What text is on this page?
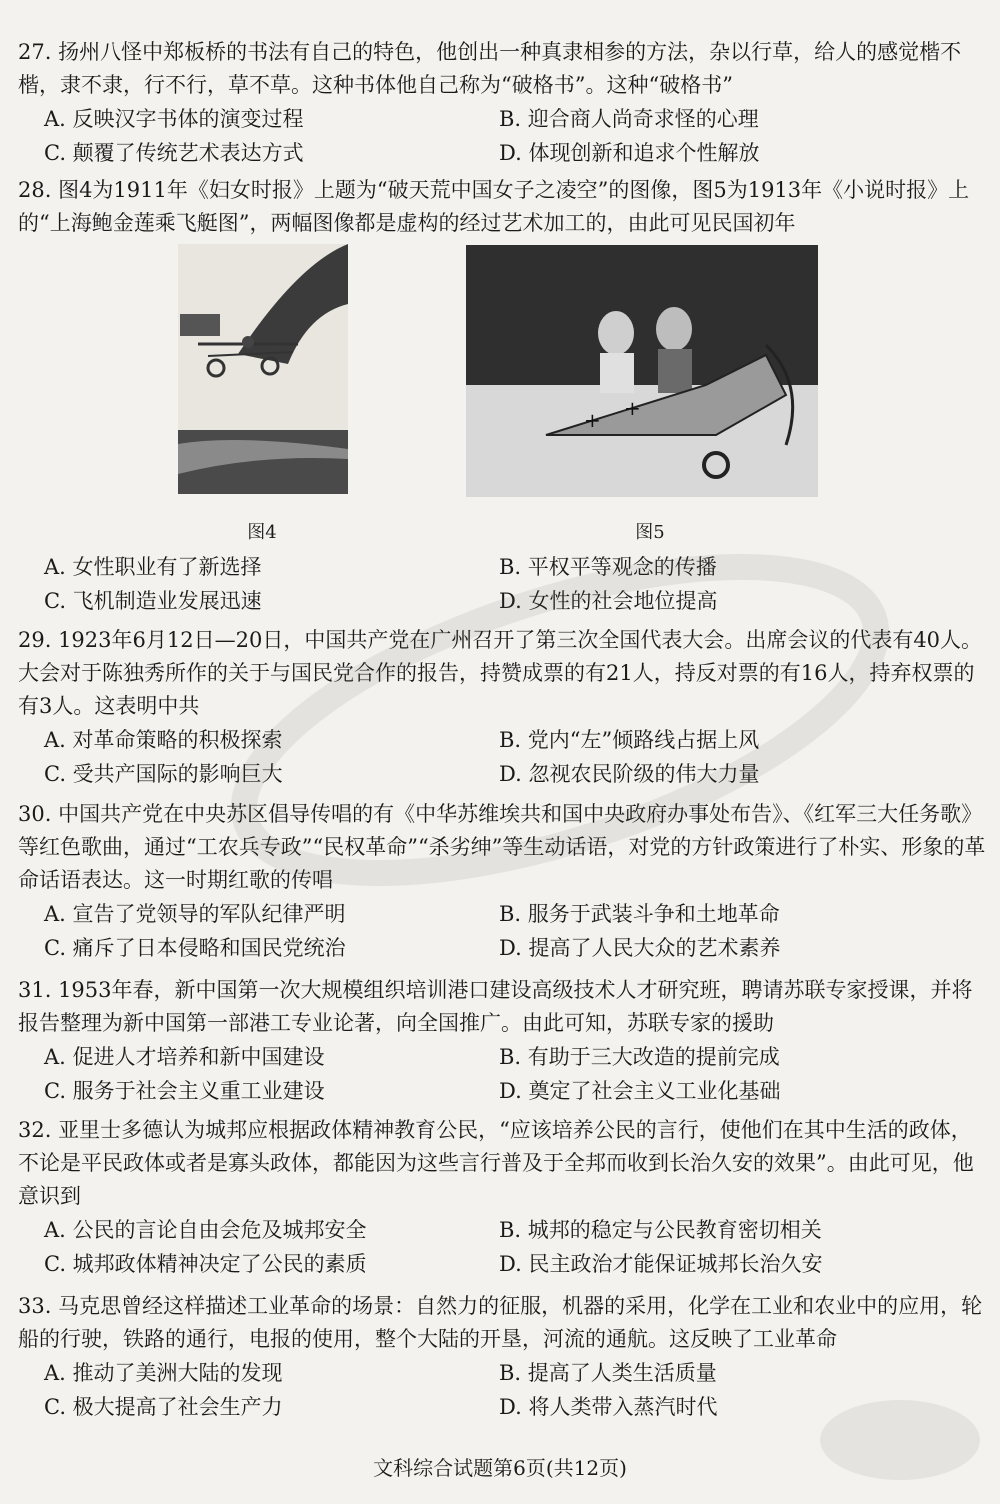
27. 扬州八怪中郑板桥的书法有自己的特色，他创出一种真隶相参的方法，杂以行草，给人的感觉楷不楷，隶不隶，行不行，草不草。这种书体他自己称为“破格书”。这种“破格书”

A. 反映汉字书体的演变过程	B. 迎合商人尚奇求怪的心理
C. 颠覆了传统艺术表达方式	D. 体现创新和追求个性解放

28. 图4为1911年《妇女时报》上题为“破天荒中国女子之凌空”的图像，图5为1913年《小说时报》上的“上海鲍金莲乘飞艇图”，两幅图像都是虚构的经过艺术加工的，由此可见民国初年

图4
+ +
图5
A. 女性职业有了新选择	B. 平权平等观念的传播
C. 飞机制造业发展迅速	D. 女性的社会地位提高

29. 1923年6月12日—20日，中国共产党在广州召开了第三次全国代表大会。出席会议的代表有40人。大会对于陈独秀所作的关于与国民党合作的报告，持赞成票的有21人，持反对票的有16人，持弃权票的有3人。这表明中共

A. 对革命策略的积极探索	B. 党内“左”倾路线占据上风
C. 受共产国际的影响巨大	D. 忽视农民阶级的伟大力量

30. 中国共产党在中央苏区倡导传唱的有《中华苏维埃共和国中央政府办事处布告》、《红军三大任务歌》等红色歌曲，通过“工农兵专政”“民权革命”“杀劣绅”等生动话语，对党的方针政策进行了朴实、形象的革命话语表达。这一时期红歌的传唱

A. 宣告了党领导的军队纪律严明	B. 服务于武装斗争和土地革命
C. 痛斥了日本侵略和国民党统治	D. 提高了人民大众的艺术素养

31. 1953年春，新中国第一次大规模组织培训港口建设高级技术人才研究班，聘请苏联专家授课，并将报告整理为新中国第一部港工专业论著，向全国推广。由此可知，苏联专家的援助

A. 促进人才培养和新中国建设	B. 有助于三大改造的提前完成
C. 服务于社会主义重工业建设	D. 奠定了社会主义工业化基础

32. 亚里士多德认为城邦应根据政体精神教育公民，“应该培养公民的言行，使他们在其中生活的政体，不论是平民政体或者是寡头政体，都能因为这些言行普及于全邦而收到长治久安的效果”。由此可见，他意识到

A. 公民的言论自由会危及城邦安全	B. 城邦的稳定与公民教育密切相关
C. 城邦政体精神决定了公民的素质	D. 民主政治才能保证城邦长治久安

33. 马克思曾经这样描述工业革命的场景：自然力的征服，机器的采用，化学在工业和农业中的应用，轮船的行驶，铁路的通行，电报的使用，整个大陆的开垦，河流的通航。这反映了工业革命

A. 推动了美洲大陆的发现	B. 提高了人类生活质量
C. 极大提高了社会生产力	D. 将人类带入蒸汽时代
文科综合试题第6页(共12页)
